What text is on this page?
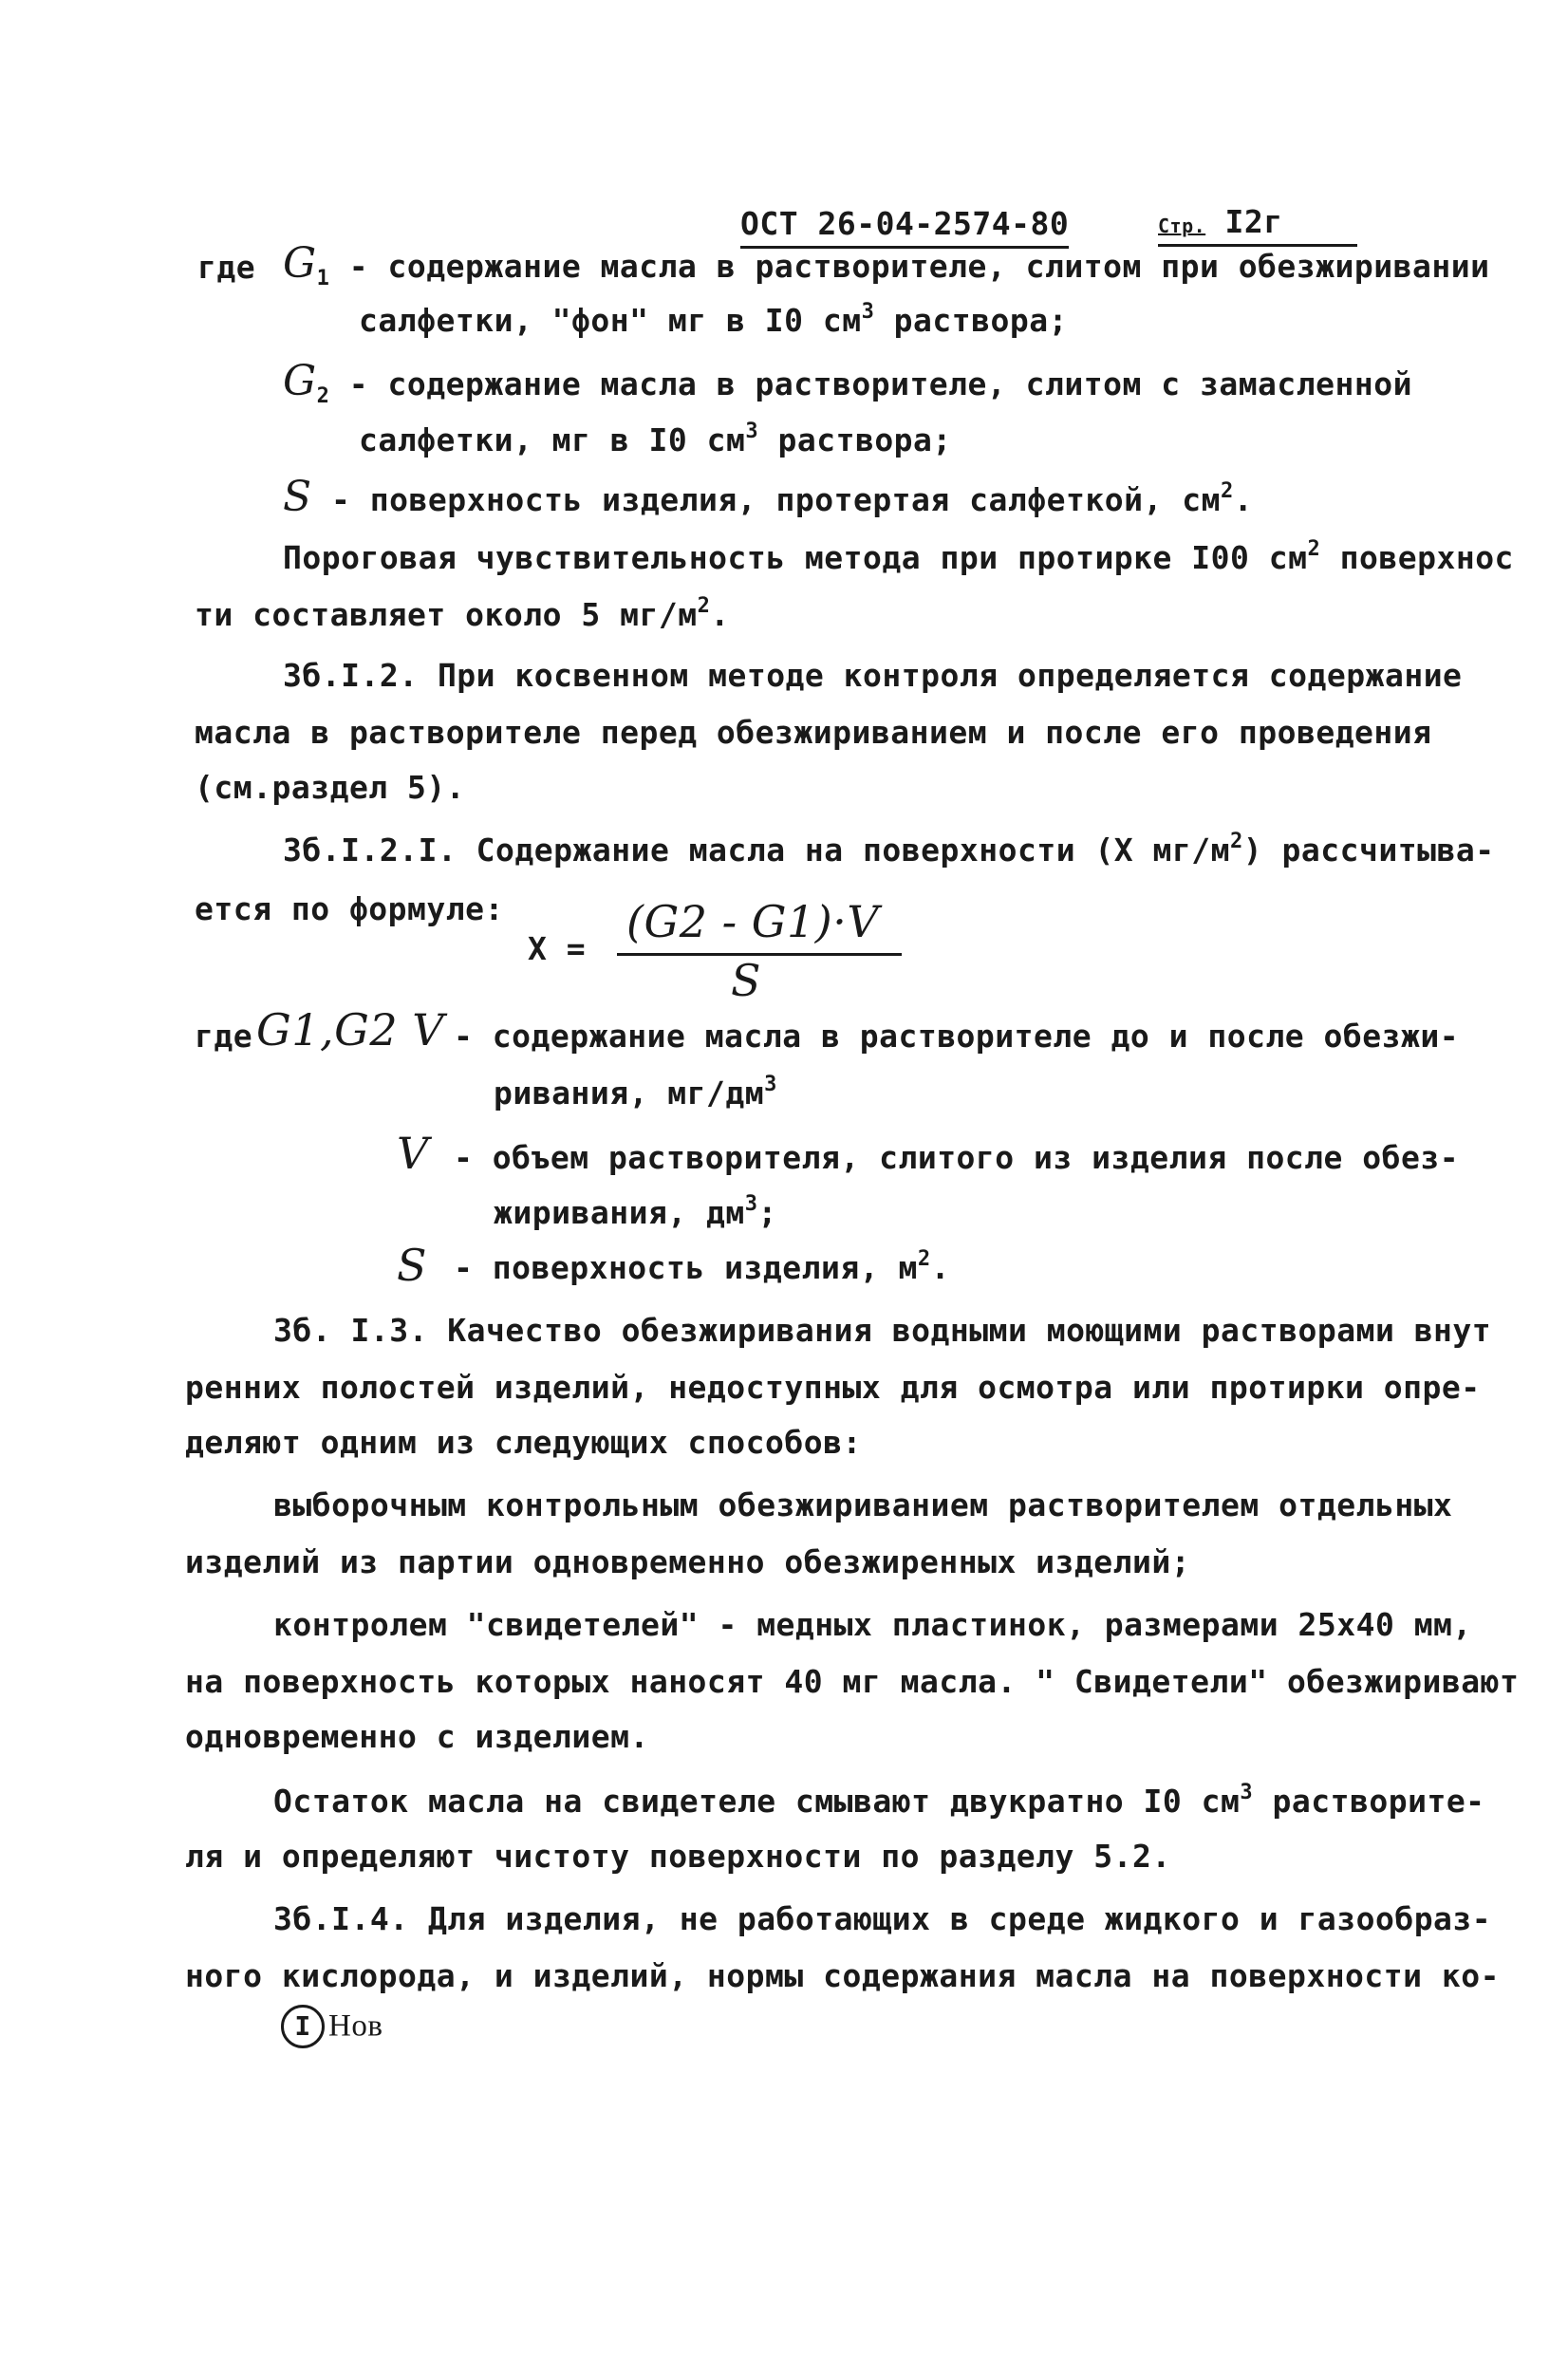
ОСТ 26-04-2574-80	Стр. I2г
где $G_1$ - содержание масла в растворителе, слитом при обезжиривании
салфетки, "фон" мг в I0 $см^3$ раствора;
$G_2$ - содержание масла в растворителе, слитом с замасленной
салфетки, мг в I0 $см^3$ раствора;
S - поверхность изделия, протертая салфеткой, $см^2$.
Пороговая чувствительность метода при протирке I00 $см^2$ поверхнос
ти составляет около 5 $мг/м^2$.
3б.I.2. При косвенном методе контроля определяется содержание
масла в растворителе перед обезжириванием и после его проведения
(см.раздел 5).
3б.I.2.I. Содержание масла на поверхности (X $мг/м^2$) рассчитыва-
ется по формуле:
X =
(G2 - G1)·V
S
где G1,G2 V - содержание масла в растворителе до и после обезжи-
ривания, $мг/дм^3$
V - объем растворителя, слитого из изделия после обез-
жиривания, $дм^3$;
S - поверхность изделия, $м^2$.
3б. I.3. Качество обезжиривания водными моющими растворами внут
ренних полостей изделий, недоступных для осмотра или протирки опре-
деляют одним из следующих способов:
выборочным контрольным обезжириванием растворителем отдельных
изделий из партии одновременно обезжиренных изделий;
контролем "свидетелей" - медных пластинок, размерами 25х40 мм,
на поверхность которых наносят 40 мг масла. " Свидетели" обезжиривают
одновременно с изделием.
Остаток масла на свидетеле смывают двукратно I0 $см^3$ растворите-
ля и определяют чистоту поверхности по разделу 5.2.
3б.I.4. Для изделия, не работающих в среде жидкого и газообраз-
ного кислорода, и изделий, нормы содержания масла на поверхности ко-
I Нов
